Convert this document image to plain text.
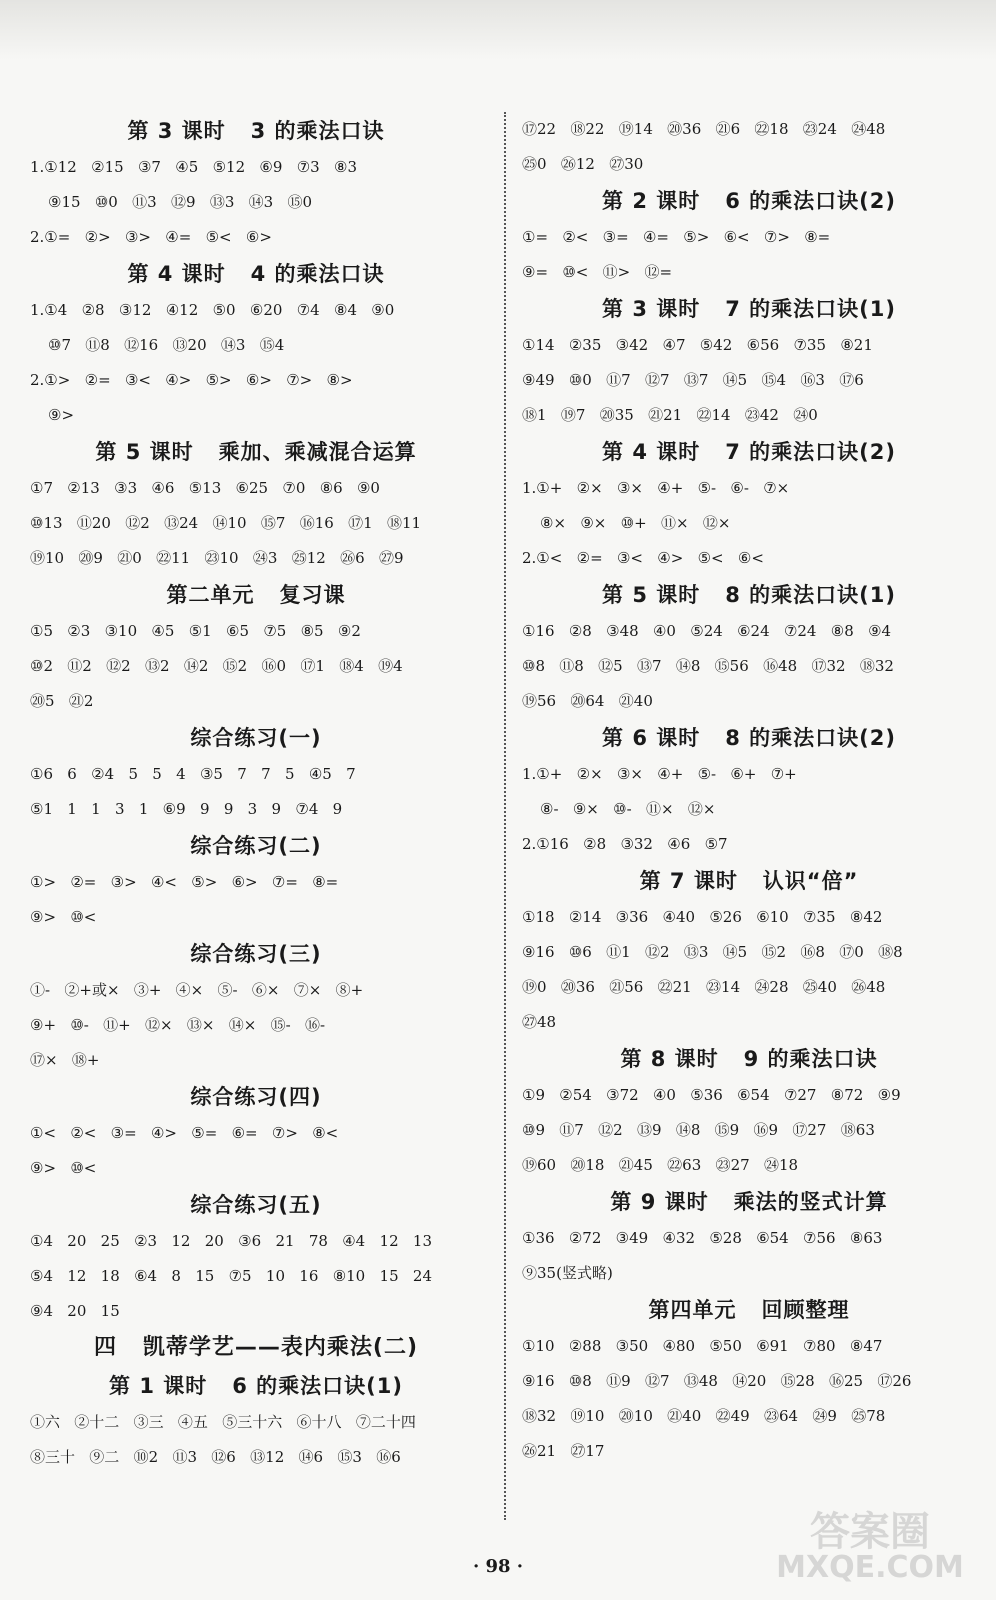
第 3 课时   3 的乘法口诀
1.①12   ②15   ③7   ④5   ⑤12   ⑥9   ⑦3   ⑧3
⑨15   ⑩0   ⑪3   ⑫9   ⑬3   ⑭3   ⑮0
2.①=   ②>   ③>   ④=   ⑤<   ⑥>
第 4 课时   4 的乘法口诀
1.①4   ②8   ③12   ④12   ⑤0   ⑥20   ⑦4   ⑧4   ⑨0
⑩7   ⑪8   ⑫16   ⑬20   ⑭3   ⑮4
2.①>   ②=   ③<   ④>   ⑤>   ⑥>   ⑦>   ⑧>
⑨>
第 5 课时   乘加、乘减混合运算
①7   ②13   ③3   ④6   ⑤13   ⑥25   ⑦0   ⑧6   ⑨0
⑩13   ⑪20   ⑫2   ⑬24   ⑭10   ⑮7   ⑯16   ⑰1   ⑱11
⑲10   ⑳9   ㉑0   ㉒11   ㉓10   ㉔3   ㉕12   ㉖6   ㉗9
第二单元   复习课
①5   ②3   ③10   ④5   ⑤1   ⑥5   ⑦5   ⑧5   ⑨2
⑩2   ⑪2   ⑫2   ⑬2   ⑭2   ⑮2   ⑯0   ⑰1   ⑱4   ⑲4
⑳5   ㉑2
综合练习(一)
①6   6   ②4   5   5   4   ③5   7   7   5   ④5   7
⑤1   1   1   3   1   ⑥9   9   9   3   9   ⑦4   9
综合练习(二)
①>   ②=   ③>   ④<   ⑤>   ⑥>   ⑦=   ⑧=
⑨>   ⑩<
综合练习(三)
①-   ②+或×   ③+   ④×   ⑤-   ⑥×   ⑦×   ⑧+
⑨+   ⑩-   ⑪+   ⑫×   ⑬×   ⑭×   ⑮-   ⑯-
⑰×   ⑱+
综合练习(四)
①<   ②<   ③=   ④>   ⑤=   ⑥=   ⑦>   ⑧<
⑨>   ⑩<
综合练习(五)
①4   20   25   ②3   12   20   ③6   21   78   ④4   12   13
⑤4   12   18   ⑥4   8   15   ⑦5   10   16   ⑧10   15   24
⑨4   20   15
四   凯蒂学艺——表内乘法(二)
第 1 课时   6 的乘法口诀(1)
①六   ②十二   ③三   ④五   ⑤三十六   ⑥十八   ⑦二十四
⑧三十   ⑨二   ⑩2   ⑪3   ⑫6   ⑬12   ⑭6   ⑮3   ⑯6
⑰22   ⑱22   ⑲14   ⑳36   ㉑6   ㉒18   ㉓24   ㉔48
㉕0   ㉖12   ㉗30
第 2 课时   6 的乘法口诀(2)
①=   ②<   ③=   ④=   ⑤>   ⑥<   ⑦>   ⑧=
⑨=   ⑩<   ⑪>   ⑫=
第 3 课时   7 的乘法口诀(1)
①14   ②35   ③42   ④7   ⑤42   ⑥56   ⑦35   ⑧21
⑨49   ⑩0   ⑪7   ⑫7   ⑬7   ⑭5   ⑮4   ⑯3   ⑰6
⑱1   ⑲7   ⑳35   ㉑21   ㉒14   ㉓42   ㉔0
第 4 课时   7 的乘法口诀(2)
1.①+   ②×   ③×   ④+   ⑤-   ⑥-   ⑦×
⑧×   ⑨×   ⑩+   ⑪×   ⑫×
2.①<   ②=   ③<   ④>   ⑤<   ⑥<
第 5 课时   8 的乘法口诀(1)
①16   ②8   ③48   ④0   ⑤24   ⑥24   ⑦24   ⑧8   ⑨4
⑩8   ⑪8   ⑫5   ⑬7   ⑭8   ⑮56   ⑯48   ⑰32   ⑱32
⑲56   ⑳64   ㉑40
第 6 课时   8 的乘法口诀(2)
1.①+   ②×   ③×   ④+   ⑤-   ⑥+   ⑦+
⑧-   ⑨×   ⑩-   ⑪×   ⑫×
2.①16   ②8   ③32   ④6   ⑤7
第 7 课时   认识“倍”
①18   ②14   ③36   ④40   ⑤26   ⑥10   ⑦35   ⑧42
⑨16   ⑩6   ⑪1   ⑫2   ⑬3   ⑭5   ⑮2   ⑯8   ⑰0   ⑱8
⑲0   ⑳36   ㉑56   ㉒21   ㉓14   ㉔28   ㉕40   ㉖48
㉗48
第 8 课时   9 的乘法口诀
①9   ②54   ③72   ④0   ⑤36   ⑥54   ⑦27   ⑧72   ⑨9
⑩9   ⑪7   ⑫2   ⑬9   ⑭8   ⑮9   ⑯9   ⑰27   ⑱63
⑲60   ⑳18   ㉑45   ㉒63   ㉓27   ㉔18
第 9 课时   乘法的竖式计算
①36   ②72   ③49   ④32   ⑤28   ⑥54   ⑦56   ⑧63
⑨35(竖式略)
第四单元   回顾整理
①10   ②88   ③50   ④80   ⑤50   ⑥91   ⑦80   ⑧47
⑨16   ⑩8   ⑪9   ⑫7   ⑬48   ⑭20   ⑮28   ⑯25   ⑰26
⑱32   ⑲10   ⑳10   ㉑40   ㉒49   ㉓64   ㉔9   ㉕78
㉖21   ㉗17
· 98 ·
答案圈
MXQE.COM
